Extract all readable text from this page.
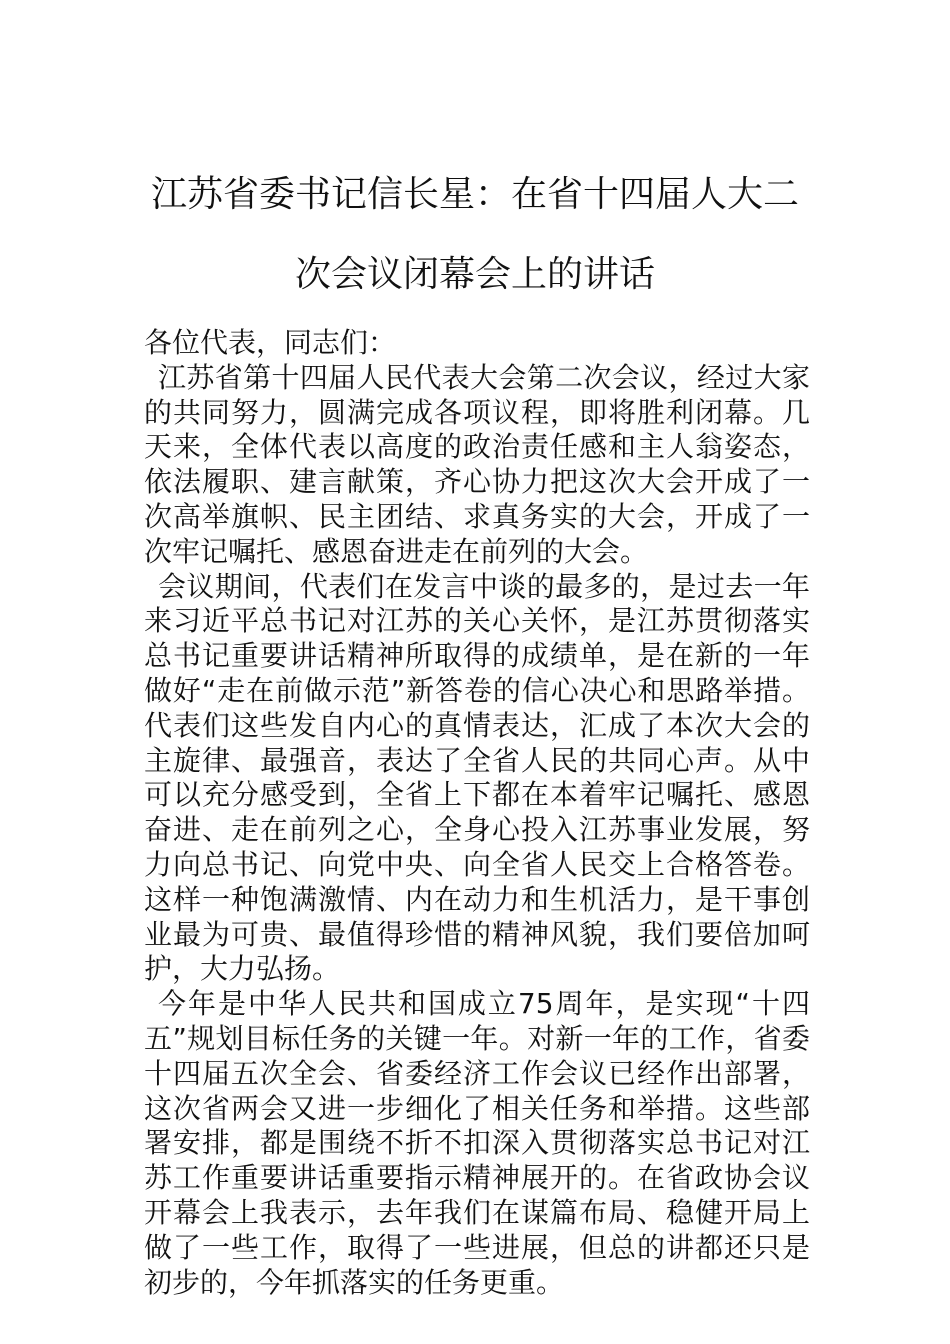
江苏省委书记信长星：在省十四届人大二次会议闭幕会上的讲话

各位代表，同志们：

江苏省第十四届人民代表大会第二次会议，经过大家的共同努力，圆满完成各项议程，即将胜利闭幕。几天来，全体代表以高度的政治责任感和主人翁姿态，依法履职、建言献策，齐心协力把这次大会开成了一次高举旗帜、民主团结、求真务实的大会，开成了一次牢记嘱托、感恩奋进走在前列的大会。

会议期间，代表们在发言中谈的最多的，是过去一年来习近平总书记对江苏的关心关怀，是江苏贯彻落实总书记重要讲话精神所取得的成绩单，是在新的一年做好“走在前做示范”新答卷的信心决心和思路举措。代表们这些发自内心的真情表达，汇成了本次大会的主旋律、最强音，表达了全省人民的共同心声。从中可以充分感受到，全省上下都在本着牢记嘱托、感恩奋进、走在前列之心，全身心投入江苏事业发展，努力向总书记、向党中央、向全省人民交上合格答卷。这样一种饱满激情、内在动力和生机活力，是干事创业最为可贵、最值得珍惜的精神风貌，我们要倍加呵护，大力弘扬。

今年是中华人民共和国成立75周年，是实现“十四五”规划目标任务的关键一年。对新一年的工作，省委十四届五次全会、省委经济工作会议已经作出部署，这次省两会又进一步细化了相关任务和举措。这些部署安排，都是围绕不折不扣深入贯彻落实总书记对江苏工作重要讲话重要指示精神展开的。在省政协会议开幕会上我表示，去年我们在谋篇布局、稳健开局上做了一些工作，取得了一些进展，但总的讲都还只是初步的，今年抓落实的任务更重。
